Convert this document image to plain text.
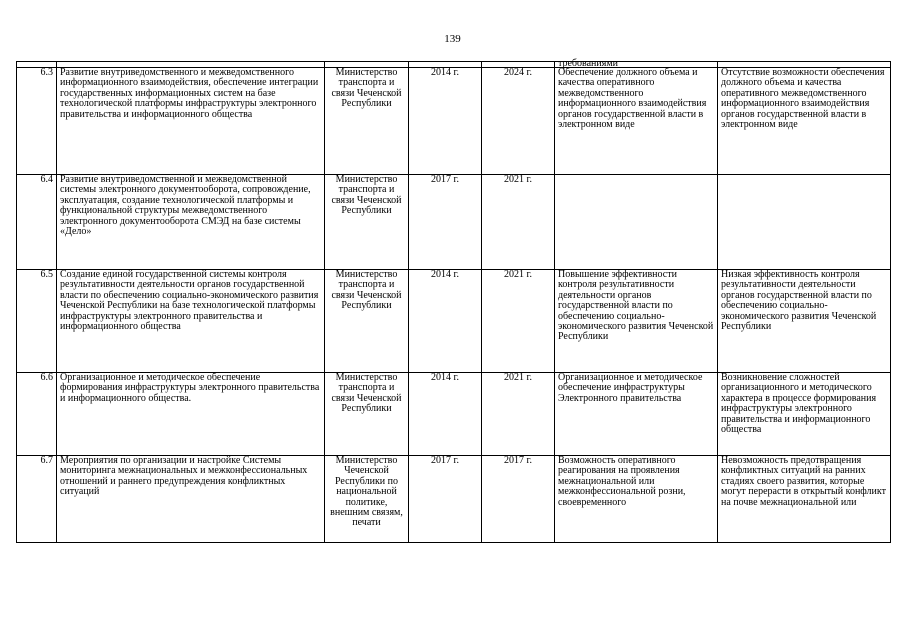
139

					требованиями	

6.3	Развитие внутриведомственного и межведомственного информационного взаимодействия, обеспечение интеграции государственных информационных систем на базе технологической платформы инфраструктуры электронного правительства и информационного общества	Министерство транспорта и связи Чеченской Республики	2014 г.	2024 г.	Обеспечение должного объема и качества оперативного межведомственного информационного взаимодействия органов государственной власти в электронном виде	Отсутствие возможности обеспечения должного объема и качества оперативного межведомственного информационного взаимодействия органов государственной власти в электронном виде
6.4	Развитие внутриведомственной и межведомственной системы электронного документооборота, сопровождение, эксплуатация, создание технологической платформы и функциональной структуры межведомственного электронного документооборота СМЭД на базе системы «Дело»	Министерство транспорта и связи Чеченской Республики	2017 г.	2021 г.		
6.5	Создание единой государственной системы контроля результативности деятельности органов государственной власти по обеспечению социально-экономического развития Чеченской Республики на базе технологической платформы инфраструктуры электронного правительства и информационного общества	Министерство транспорта и связи Чеченской Республики	2014 г.	2021 г.	Повышение эффективности контроля результативности деятельности органов государственной власти по обеспечению социально-экономического развития Чеченской Республики	Низкая эффективность контроля результативности деятельности органов государственной власти по обеспечению социально-экономического развития Чеченской Республики
6.6	Организационное и методическое обеспечение формирования инфраструктуры электронного правительства и информационного общества.	Министерство транспорта и связи Чеченской Республики	2014 г.	2021 г.	Организационное и методическое обеспечение инфраструктуры Электронного правительства	Возникновение сложностей организационного и методического характера в процессе формирования инфраструктуры электронного правительства и информационного общества
6.7	Мероприятия по организации и настройке Системы мониторинга межнациональных и межконфессиональных отношений и раннего предупреждения конфликтных ситуаций	Министерство Чеченской Республики по национальной политике, внешним связям, печати	2017 г.	2017 г.	Возможность оперативного реагирования на проявления межнациональной или межконфессиональной розни, своевременного	Невозможность предотвращения конфликтных ситуаций на ранних стадиях своего развития, которые могут перерасти в открытый конфликт на почве межнациональной или
